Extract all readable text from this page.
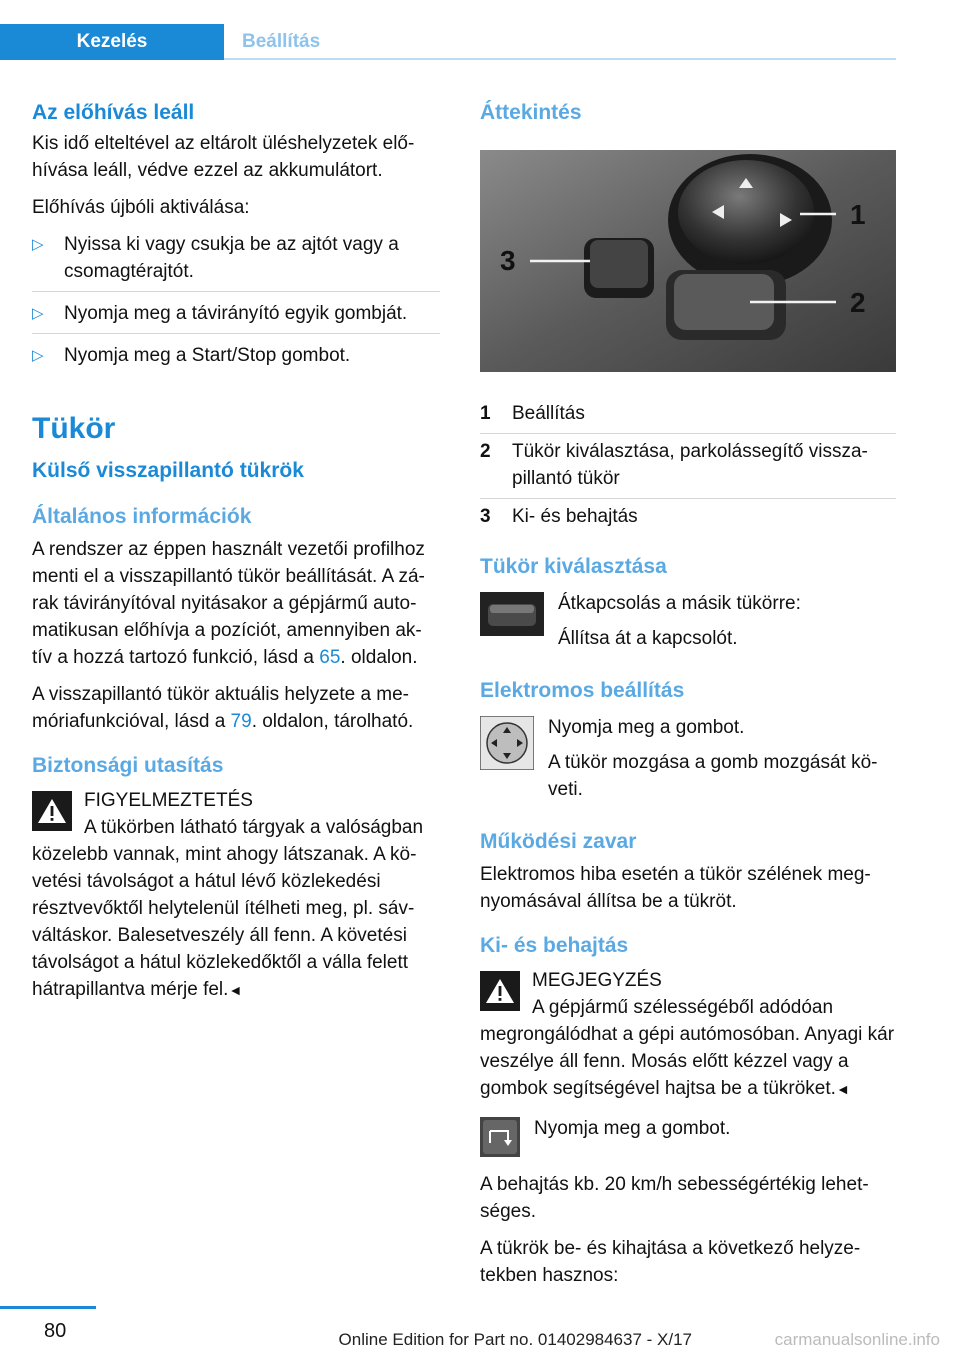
Kezelés	Beállítás
Az előhívás leáll

Kis idő elteltével az eltárolt üléshelyzetek elő-hívása leáll, védve ezzel az akkumulátort.

Előhívás újbóli aktiválása:

▷ Nyissa ki vagy csukja be az ajtót vagy a csomagtérajtót.
▷ Nyomja meg a távirányító egyik gombját.
▷ Nyomja meg a Start/Stop gombot.
Tükör
Külső visszapillantó tükrök
Általános információk

A rendszer az éppen használt vezetői profilhoz menti el a visszapillantó tükör beállítását. A zá-rak távirányítóval nyitásakor a gépjármű auto-matikusan előhívja a pozíciót, amennyiben ak-tív a hozzá tartozó funkció, lásd a 65. oldalon.

A visszapillantó tükör aktuális helyzete a me-móriafunkcióval, lásd a 79. oldalon, tárolható.

Biztonsági utasítás
FIGYELMEZTETÉS
A tükörben látható tárgyak a valóságban közelebb vannak, mint ahogy látszanak. A kö-vetési távolságot a hátul lévő közlekedési résztvevőktől helytelenül ítélheti meg, pl. sáv-váltáskor. Balesetveszély áll fenn. A követési távolságot a hátul közlekedőktől a válla felett hátrapillantva mérje fel.◄
Áttekintés
1
2
3
1	Beállítás
2	Tükör kiválasztása, parkolássegítő vissza-pillantó tükör
3	Ki- és behajtás
Tükör kiválasztása

Átkapcsolás a másik tükörre:

Állítsa át a kapcsolót.

Elektromos beállítás

Nyomja meg a gombot.

A tükör mozgása a gomb mozgását kö-veti.

Működési zavar

Elektromos hiba esetén a tükör szélének meg-nyomásával állítsa be a tükröt.

Ki- és behajtás
MEGJEGYZÉS
A gépjármű szélességéből adódóan megrongálódhat a gépi autómosóban. Anyagi kár veszélye áll fenn. Mosás előtt kézzel vagy a gombok segítségével hajtsa be a tükröket.◄

Nyomja meg a gombot.

A behajtás kb. 20 km/h sebességértékig lehet-séges.

A tükrök be- és kihajtása a következő helyze-tekben hasznos:

80	Online Edition for Part no. 01402984637 - X/17	carmanualsonline.info
